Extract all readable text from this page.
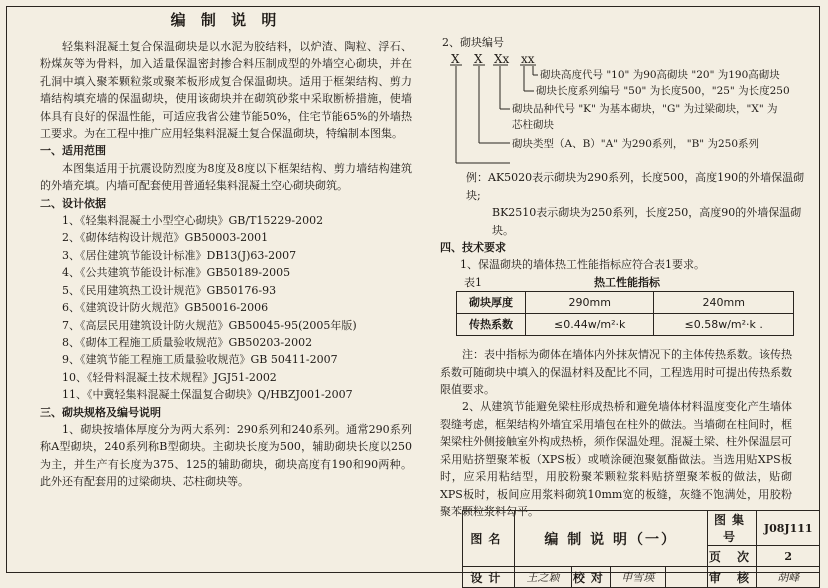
编 制 说 明

轻集料混凝土复合保温砌块是以水泥为胶结料，以炉渣、陶粒、浮石、粉煤灰等为骨料，加入适量保温密封掺合料压制成型的外墙空心砌块，并在孔洞中填入聚苯颗粒浆或聚苯板形成复合保温砌块。适用于框架结构、剪力墙结构填充墙的保温砌块，使用该砌块并在砌筑砂浆中采取断桥措施，使墙体具有良好的保温性能，可适应我省公建节能50%，住宅节能65%的外墙热工要求。为在工程中推广应用轻集料混凝土复合保温砌块，特编制本图集。

一、适用范围

本图集适用于抗震设防烈度为8度及8度以下框架结构、剪力墙结构建筑的外墙充填。内墙可配套使用普通轻集料混凝土空心砌块砌筑。

二、设计依据

1、《轻集料混凝土小型空心砌块》GB/T15229-2002
2、《砌体结构设计规范》GB50003-2001
3、《居住建筑节能设计标准》DB13(J)63-2007
4、《公共建筑节能设计标准》GB50189-2005
5、《民用建筑热工设计规范》GB50176-93
6、《建筑设计防火规范》GB50016-2006
7、《高层民用建筑设计防火规范》GB50045-95(2005年版)
8、《砌体工程施工质量验收规范》GB50203-2002
9、《建筑节能工程施工质量验收规范》GB 50411-2007
10、《轻骨料混凝土技术规程》JGJ51-2002
11、《中冀轻集料混凝土保温复合砌块》Q/HBZJ001-2007

三、砌块规格及编号说明

1、砌块按墙体厚度分为两大系列：290系列和240系列。通常290系列称A型砌块，240系列称B型砌块。主砌块长度为500，辅助砌块长度以250为主，并生产有长度为375、125的辅助砌块，砌块高度有190和90两种。此外还有配套用的过梁砌块、芯柱砌块等。

2、砌块编号

X X Xx xx
砌块高度代号 "10" 为90高砌块 "20" 为190高砌块
砌块长度系列编号 "50" 为长度500，"25" 为长度250
砌块品种代号 "K" 为基本砌块，"G" 为过梁砌块，"X" 为
芯柱砌块
砌块类型（A、B）"A" 为290系列， "B" 为250系列

例：AK5020表示砌块为290系列，长度500，高度190的外墙保温砌块;

BK2510表示砌块为250系列，长度250，高度90的外墙保温砌块。

四、技术要求

1、保温砌块的墙体热工性能指标应符合表1要求。

表1	热工性能指标
砌块厚度	290mm	240mm
传热系数	≤0.44w/m²·k	≤0.58w/m²·k .

注：表中指标为砌体在墙体内外抹灰情况下的主体传热系数。该传热系数可随砌块中填入的保温材料及配比不同，工程选用时可提出传热系数限值要求。

2、从建筑节能避免梁柱形成热桥和避免墙体材料温度变化产生墙体裂缝考虑，框架结构外墙宜采用墙包在柱外的做法。当墙砌在柱间时，框架梁柱外侧接触室外构成热桥，须作保温处理。混凝土梁、柱外保温层可采用贴挤塑聚苯板（XPS板）或喷涂硬泡聚氨酯做法。当选用贴XPS板时，应采用粘结型，用胶粉聚苯颗粒浆料贴挤塑聚苯板的做法，贴砌XPS板时，板间应用浆料砌筑10mm宽的板缝，灰缝不饱满处，用胶粉聚苯颗粒浆料勾平。

图名	编 制 说 明（一）				图集号	J08J111
					页 次	2
设计	王之颖	校对	申雪瑛		审 核	胡峰
